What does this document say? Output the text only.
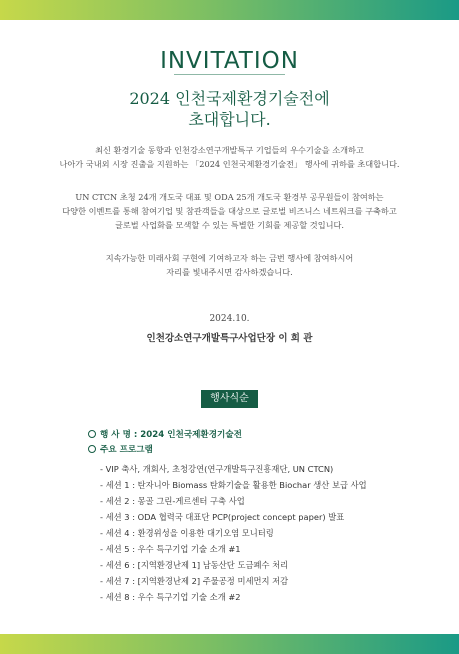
INVITATION
2024 인천국제환경기술전에
초대합니다.
최신 환경기술 동향과 인천강소연구개발특구 기업들의 우수기술을 소개하고
나아가 국내외 시장 진출을 지원하는 「2024 인천국제환경기술전」 행사에 귀하를 초대합니다.
UN CTCN 초청 24개 개도국 대표 및 ODA 25개 개도국 환경부 공무원들이 참여하는
다양한 이벤트를 통해 참여기업 및 참관객들을 대상으로 글로벌 비즈니스 네트워크를 구축하고
글로벌 사업화를 모색할 수 있는 특별한 기회를 제공할 것입니다.
지속가능한 미래사회 구현에 기여하고자 하는 금번 행사에 참여하시어
자리를 빛내주시면 감사하겠습니다.
2024.10.
인천강소연구개발특구사업단장 이 희 관
행사식순
행 사 명 : 2024 인천국제환경기술전
주요 프로그램
- VIP 축사, 개회사, 초청강연(연구개발특구진흥재단, UN CTCN)
- 세션 1 : 탄자니아 Biomass 탄화기술을 활용한 Biochar 생산 보급 사업
- 세션 2 : 몽골 그린-게르센터 구축 사업
- 세션 3 : ODA 협력국 대표단 PCP(project concept paper) 발표
- 세션 4 : 환경위성을 이용한 대기오염 모니터링
- 세션 5 : 우수 특구기업 기술 소개 #1
- 세션 6 : [지역환경난제 1] 남동산단 도금폐수 처리
- 세션 7 : [지역환경난제 2] 주물공정 미세먼지 저감
- 세션 8 : 우수 특구기업 기술 소개 #2
